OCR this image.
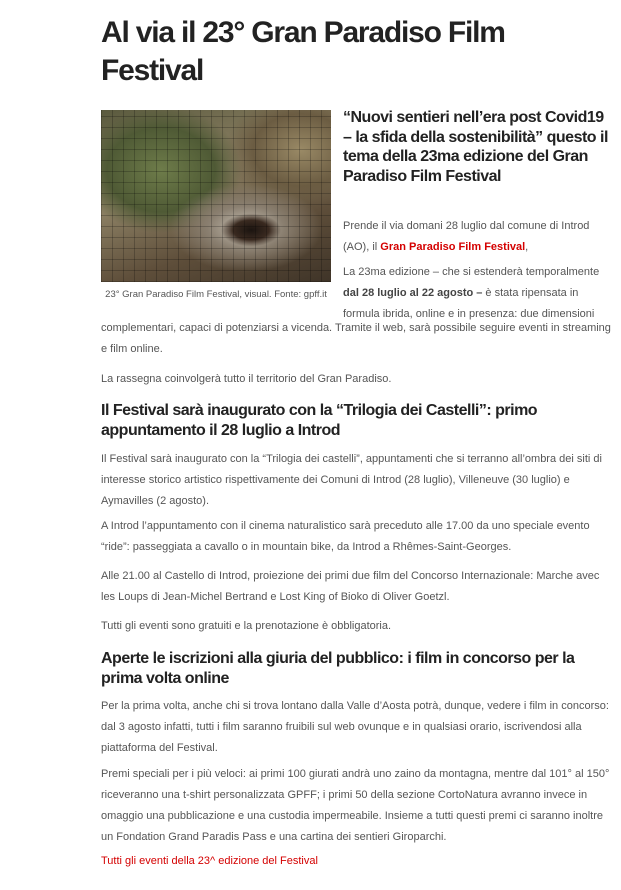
Al via il 23° Gran Paradiso Film Festival
23° Gran Paradiso Film Festival, visual. Fonte: gpff.it
“Nuovi sentieri nell’era post Covid19 – la sfida della sostenibilità” questo il tema della 23ma edizione del Gran Paradiso Film Festival

Prende il via domani 28 luglio dal comune di Introd (AO), il Gran Paradiso Film Festival,

La 23ma edizione – che si estenderà temporalmente dal 28 luglio al 22 agosto – è stata ripensata in formula ibrida, online e in presenza: due dimensioni

complementari, capaci di potenziarsi a vicenda. Tramite il web, sarà possibile seguire eventi in streaming e film online.

La rassegna coinvolgerà tutto il territorio del Gran Paradiso.

Il Festival sarà inaugurato con la “Trilogia dei Castelli”: primo appuntamento il 28 luglio a Introd

Il Festival sarà inaugurato con la “Trilogia dei castelli”, appuntamenti che si terranno all’ombra dei siti di interesse storico artistico rispettivamente dei Comuni di Introd (28 luglio), Villeneuve (30 luglio) e Aymavilles (2 agosto).

A Introd l’appuntamento con il cinema naturalistico sarà preceduto alle 17.00 da uno speciale evento “ride”: passeggiata a cavallo o in mountain bike, da Introd a Rhêmes-Saint-Georges.

Alle 21.00 al Castello di Introd, proiezione dei primi due film del Concorso Internazionale: Marche avec les Loups di Jean-Michel Bertrand e Lost King of Bioko di Oliver Goetzl.

Tutti gli eventi sono gratuiti e la prenotazione è obbligatoria.

Aperte le iscrizioni alla giuria del pubblico: i film in concorso per la prima volta online

Per la prima volta, anche chi si trova lontano dalla Valle d’Aosta potrà, dunque, vedere i film in concorso: dal 3 agosto infatti, tutti i film saranno fruibili sul web ovunque e in qualsiasi orario, iscrivendosi alla piattaforma del Festival.

Premi speciali per i più veloci: ai primi 100 giurati andrà uno zaino da montagna, mentre dal 101° al 150° riceveranno una t-shirt personalizzata GPFF; i primi 50 della sezione CortoNatura avranno invece in omaggio una pubblicazione e una custodia impermeabile. Insieme a tutti questi premi ci saranno inoltre un Fondation Grand Paradis Pass e una cartina dei sentieri Giroparchi.

Tutti gli eventi della 23^ edizione del Festival
